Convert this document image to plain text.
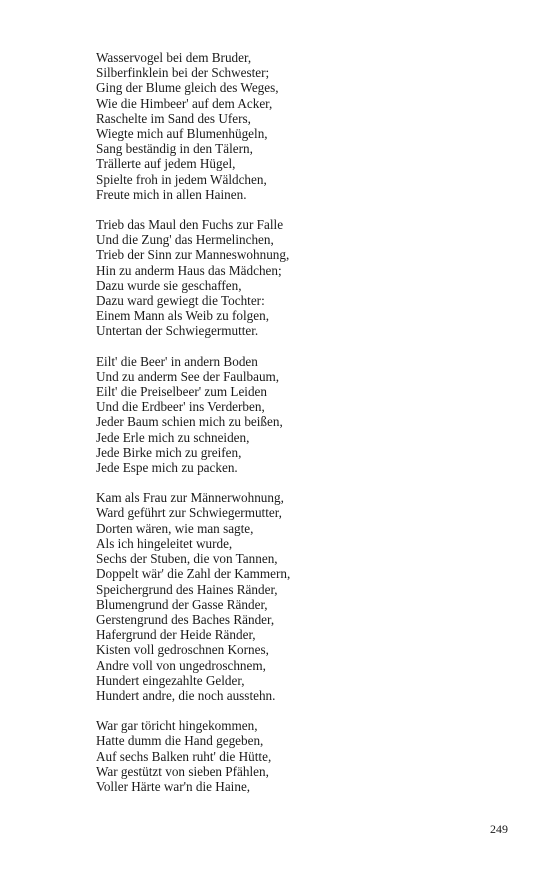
Wasservogel bei dem Bruder,
Silberfinklein bei der Schwester;
Ging der Blume gleich des Weges,
Wie die Himbeer' auf dem Acker,
Raschelte im Sand des Ufers,
Wiegte mich auf Blumenhügeln,
Sang beständig in den Tälern,
Trällerte auf jedem Hügel,
Spielte froh in jedem Wäldchen,
Freute mich in allen Hainen.
Trieb das Maul den Fuchs zur Falle
Und die Zung' das Hermelinchen,
Trieb der Sinn zur Manneswohnung,
Hin zu anderm Haus das Mädchen;
Dazu wurde sie geschaffen,
Dazu ward gewiegt die Tochter:
Einem Mann als Weib zu folgen,
Untertan der Schwiegermutter.
Eilt' die Beer' in andern Boden
Und zu anderm See der Faulbaum,
Eilt' die Preiselbeer' zum Leiden
Und die Erdbeer' ins Verderben,
Jeder Baum schien mich zu beißen,
Jede Erle mich zu schneiden,
Jede Birke mich zu greifen,
Jede Espe mich zu packen.
Kam als Frau zur Männerwohnung,
Ward geführt zur Schwiegermutter,
Dorten wären, wie man sagte,
Als ich hingeleitet wurde,
Sechs der Stuben, die von Tannen,
Doppelt wär' die Zahl der Kammern,
Speichergrund des Haines Ränder,
Blumengrund der Gasse Ränder,
Gerstengrund des Baches Ränder,
Hafergrund der Heide Ränder,
Kisten voll gedroschnen Kornes,
Andre voll von ungedroschnem,
Hundert eingezahlte Gelder,
Hundert andre, die noch ausstehn.
War gar töricht hingekommen,
Hatte dumm die Hand gegeben,
Auf sechs Balken ruht' die Hütte,
War gestützt von sieben Pfählen,
Voller Härte war'n die Haine,
249
